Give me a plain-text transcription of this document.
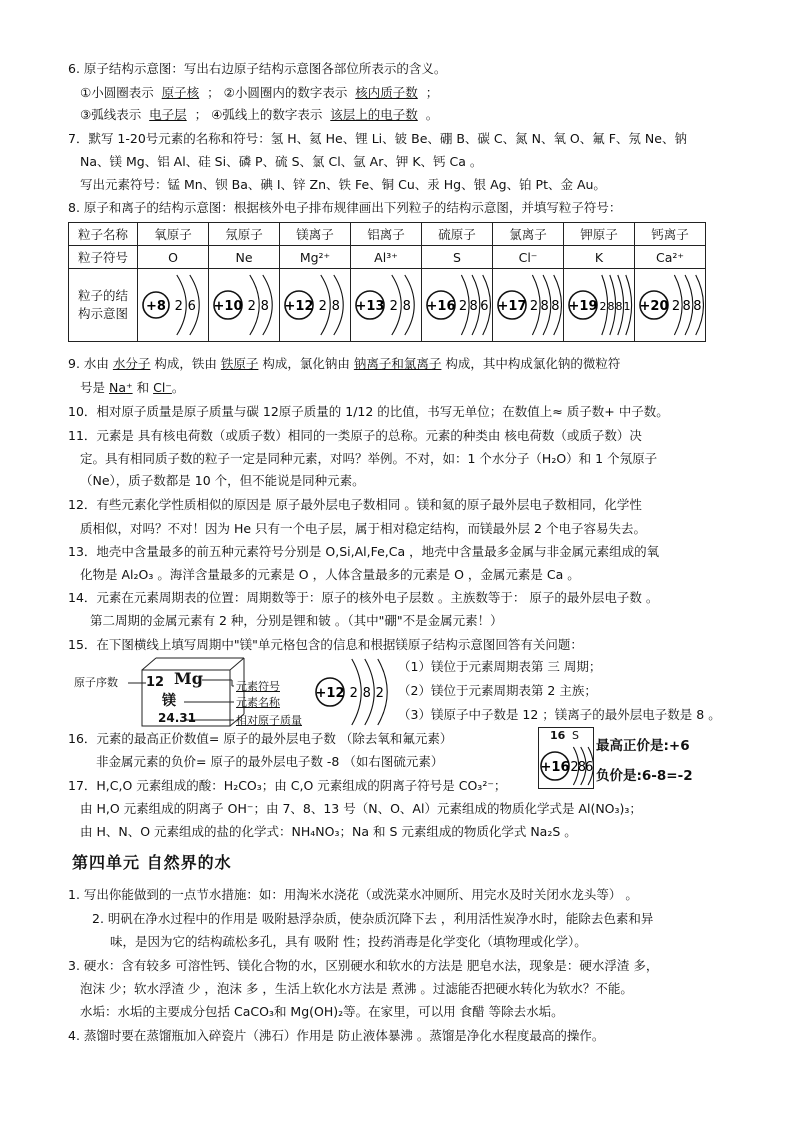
6. 原子结构示意图：写出右边原子结构示意图各部位所表示的含义。
①小圆圈表示 原子核 ； ②小圆圈内的数字表示 核内质子数 ；
③弧线表示 电子层 ； ④弧线上的数字表示 该层上的电子数 。
7．默写 1-20号元素的名称和符号：氢 H、氦 He、锂 Li、铍 Be、硼 B、碳 C、氮 N、氧 O、氟 F、氖 Ne、钠
Na、镁 Mg、铝 Al、硅 Si、磷 P、硫 S、氯 Cl、氩 Ar、钾 K、钙 Ca 。
写出元素符号：锰 Mn、钡 Ba、碘 I、锌 Zn、铁 Fe、铜 Cu、汞 Hg、银 Ag、铂 Pt、金 Au。
8. 原子和离子的结构示意图：根据核外电子排布规律画出下列粒子的结构示意图，并填写粒子符号：
粒子名称	氧原子	氖原子	镁离子	铝离子	硫原子	氯离子	钾原子	钙离子
粒子符号	O	Ne	Mg²⁺	Al³⁺	S	Cl⁻	K	Ca²⁺
粒子的结
构示意图	+8 2 6	+10 2 8	+12 2 8	+13 2 8	+16 2 8 6	+17 2 8 8	+19 2 8 8 1	+20 2 8 8
9. 水由 水分子 构成，铁由 铁原子 构成，氯化钠由 钠离子和氯离子 构成，其中构成氯化钠的微粒符
号是 Na⁺ 和 Cl⁻。
10．相对原子质量是原子质量与碳 12原子质量的 1/12 的比值，书写无单位；在数值上≈ 质子数+ 中子数。
11．元素是 具有核电荷数（或质子数）相同的一类原子的总称。元素的种类由 核电荷数（或质子数）决
定。具有相同质子数的粒子一定是同种元素，对吗？举例。不对，如：1 个水分子（H₂O）和 1 个氖原子
（Ne），质子数都是 10 个，但不能说是同种元素。
12．有些元素化学性质相似的原因是 原子最外层电子数相同 。镁和氦的原子最外层电子数相同，化学性
质相似，对吗？不对！因为 He 只有一个电子层，属于相对稳定结构，而镁最外层 2 个电子容易失去。
13．地壳中含量最多的前五种元素符号分别是 O,Si,Al,Fe,Ca ，地壳中含量最多金属与非金属元素组成的氧
化物是 Al₂O₃ 。海洋含量最多的元素是 O ，人体含量最多的元素是 O ，金属元素是 Ca 。
14．元素在元素周期表的位置：周期数等于：原子的核外电子层数 。主族数等于： 原子的最外层电子数 。
第二周期的金属元素有 2 种，分别是锂和铍 。（其中"硼"不是金属元素！）
15．在下图横线上填写周期中"镁"单元格包含的信息和根据镁原子结构示意图回答有关问题：
原子序数 12 Mg
镁
24.31
元素符号
元素名称
相对原子质量
+12 2 8 2
（1）镁位于元素周期表第 三 周期；
（2）镁位于元素周期表第 2 主族；
（3）镁原子中子数是 12 ；镁离子的最外层电子数是 8 。
16．元素的最高正价数值= 原子的最外层电子数 （除去氧和氟元素）
非金属元素的负价= 原子的最外层电子数 -8 （如右图硫元素）
16 S
+16 2 8 6
最高正价是:+6
负价是:6-8=-2
17．H,C,O 元素组成的酸：H₂CO₃；由 C,O 元素组成的阴离子符号是 CO₃²⁻；
由 H,O 元素组成的阴离子 OH⁻；由 7、8、13 号（N、O、Al）元素组成的物质化学式是 Al(NO₃)₃；
由 H、N、O 元素组成的盐的化学式：NH₄NO₃；Na 和 S 元素组成的物质化学式 Na₂S 。
第四单元 自然界的水
1. 写出你能做到的一点节水措施：如：用淘米水浇花（或洗菜水冲厕所、用完水及时关闭水龙头等） 。
2. 明矾在净水过程中的作用是 吸附悬浮杂质，使杂质沉降下去 ，利用活性炭净水时，能除去色素和异
味，是因为它的结构疏松多孔，具有 吸附 性；投药消毒是化学变化（填物理或化学）。
3. 硬水：含有较多 可溶性钙、镁化合物的水，区别硬水和软水的方法是 肥皂水法，现象是：硬水浮渣 多，
泡沫 少；软水浮渣 少 ，泡沫 多 ，生活上软化水方法是 煮沸 。过滤能否把硬水转化为软水？不能。
水垢：水垢的主要成分包括 CaCO₃和 Mg(OH)₂等。在家里，可以用 食醋 等除去水垢。
4. 蒸馏时要在蒸馏瓶加入碎瓷片（沸石）作用是 防止液体暴沸 。蒸馏是净化水程度最高的操作。
